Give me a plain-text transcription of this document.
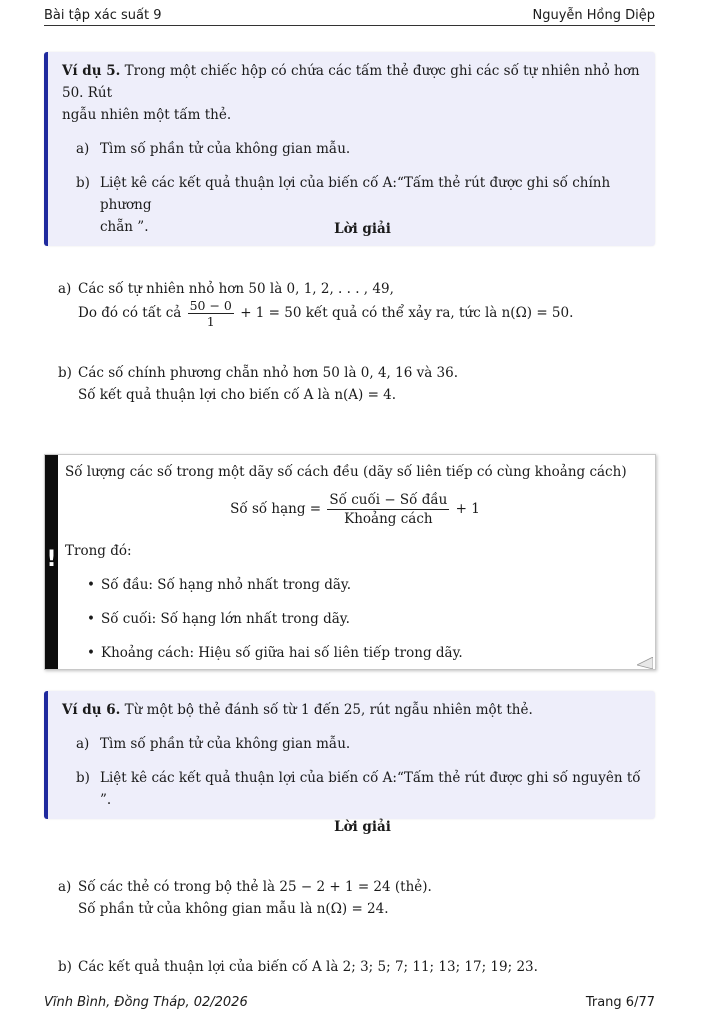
Bài tập xác suất 9	Nguyễn Hồng Diệp
Ví dụ 5. Trong một chiếc hộp có chứa các tấm thẻ được ghi các số tự nhiên nhỏ hơn 50. Rút
ngẫu nhiên một tấm thẻ.
a) Tìm số phần tử của không gian mẫu.
b) Liệt kê các kết quả thuận lợi của biến cố A:“Tấm thẻ rút được ghi số chính phương
chẵn ”.	Lời giải
a) Các số tự nhiên nhỏ hơn 50 là 0, 1, 2, . . . , 49,
Do đó có tất cả $\frac{50 - 0}{1} + 1 = 50$ kết quả có thể xảy ra, tức là n(Ω) = 50.
b) Các số chính phương chẵn nhỏ hơn 50 là 0, 4, 16 và 36.
Số kết quả thuận lợi cho biến cố A là n(A) = 4.
!
Số lượng các số trong một dãy số cách đều (dãy số liên tiếp có cùng khoảng cách)
Số số hạng = $\frac{\text{Số cuối − Số đầu}}{\text{Khoảng cách}} + 1$
Trong đó:
• Số đầu: Số hạng nhỏ nhất trong dãy.
• Số cuối: Số hạng lớn nhất trong dãy.
• Khoảng cách: Hiệu số giữa hai số liên tiếp trong dãy.
Ví dụ 6. Từ một bộ thẻ đánh số từ 1 đến 25, rút ngẫu nhiên một thẻ.
a) Tìm số phần tử của không gian mẫu.
b) Liệt kê các kết quả thuận lợi của biến cố A:“Tấm thẻ rút được ghi số nguyên tố ”.
Lời giải
a) Số các thẻ có trong bộ thẻ là 25 − 2 + 1 = 24 (thẻ).
Số phần tử của không gian mẫu là n(Ω) = 24.
b) Các kết quả thuận lợi của biến cố A là 2; 3; 5; 7; 11; 13; 17; 19; 23.
Vĩnh Bình, Đồng Tháp, 02/2026	Trang 6/77
